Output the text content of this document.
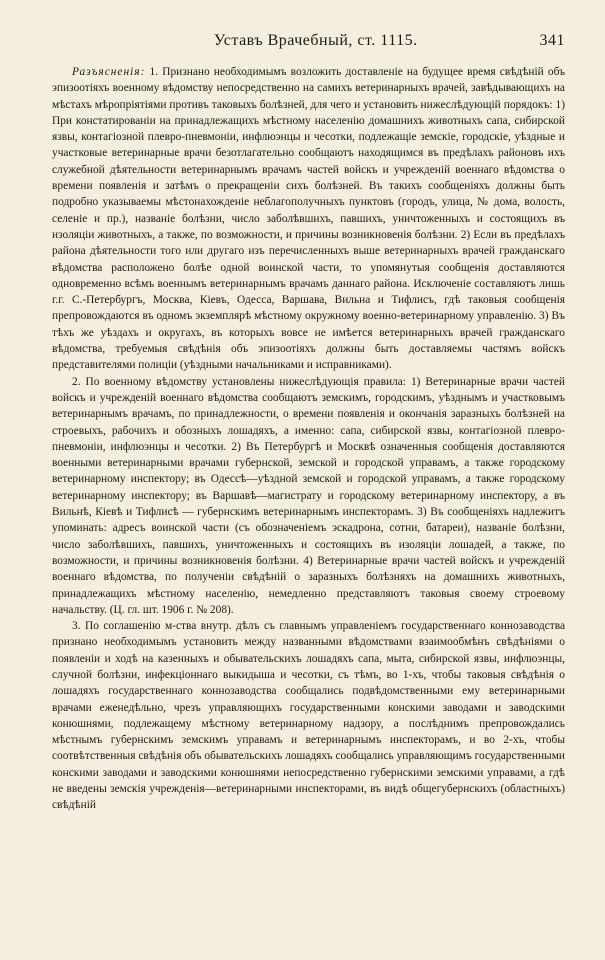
Уставъ Врачебный, ст. 1115.	341

Разъясненія: 1. Признано необходимымъ возложить доставленіе на будущее время свѣдѣній объ эпизоотіяхъ военному вѣдомству непосредственно на самихъ ветеринарныхъ врачей, завѣдывающихъ на мѣстахъ мѣропріятіями противъ таковыхъ болѣзней, для чего и установить нижеслѣдующій порядокъ: 1) При констатированіи на принадлежащихъ мѣстному населенію домашнихъ животныхъ сапа, сибирской язвы, контагіозной плевро-пневмоніи, инфлюэнцы и чесотки, подлежащіе земскіе, городскіе, уѣздные и участковые ветеринарные врачи безотлагательно сообщаютъ находящимся въ предѣлахъ районовъ ихъ служебной дѣятельности ветеринарнымъ врачамъ частей войскъ и учрежденій военнаго вѣдомства о времени появленія и затѣмъ о прекращеніи сихъ болѣзней. Въ такихъ сообщеніяхъ должны быть подробно указываемы мѣстонахожденіе неблагополучныхъ пунктовъ (городъ, улица, № дома, волость, селеніе и пр.), названіе болѣзни, число заболѣвшихъ, павшихъ, уничтоженныхъ и состоящихъ въ изоляціи животныхъ, а также, по возможности, и причины возникновенія болѣзни. 2) Если въ предѣлахъ района дѣятельности того или другаго изъ перечисленныхъ выше ветеринарныхъ врачей гражданскаго вѣдомства расположено болѣе одной воинской части, то упомянутыя сообщенія доставляются одновременно всѣмъ военнымъ ветеринарнымъ врачамъ даннаго района. Исключеніе составляютъ лишь г.г. С.-Петербургъ, Москва, Кіевъ, Одесса, Варшава, Вильна и Тифлисъ, гдѣ таковыя сообщенія препровождаются въ одномъ экземплярѣ мѣстному окружному военно-ветеринарному управленію. 3) Въ тѣхъ же уѣздахъ и округахъ, въ которыхъ вовсе не имѣется ветеринарныхъ врачей гражданскаго вѣдомства, требуемыя свѣдѣнія объ эпизоотіяхъ должны быть доставляемы частямъ войскъ представителями полиціи (уѣздными начальниками и исправниками).

2. По военному вѣдомству установлены нижеслѣдующія правила: 1) Ветеринарные врачи частей войскъ и учрежденій военнаго вѣдомства сообщаютъ земскимъ, городскимъ, уѣзднымъ и участковымъ ветеринарнымъ врачамъ, по принадлежности, о времени появленія и окончанія заразныхъ болѣзней на строевыхъ, рабочихъ и обозныхъ лошадяхъ, а именно: сапа, сибирской язвы, контагіозной плевро-пневмоніи, инфлюэнцы и чесотки. 2) Въ Петербургѣ и Москвѣ означенныя сообщенія доставляются военными ветеринарными врачами губернской, земской и городской управамъ, а также городскому ветеринарному инспектору; въ Одессѣ—уѣздной земской и городской управамъ, а также городскому ветеринарному инспектору; въ Варшавѣ—магистрату и городскому ветеринарному инспектору, а въ Вильнѣ, Кіевѣ и Тифлисѣ — губернскимъ ветеринарнымъ инспекторамъ. 3) Въ сообщеніяхъ надлежитъ упоминать: адресъ воинской части (съ обозначеніемъ эскадрона, сотни, батареи), названіе болѣзни, число заболѣвшихъ, павшихъ, уничтоженныхъ и состоящихъ въ изоляціи лошадей, а также, по возможности, и причины возникновенія болѣзни. 4) Ветеринарные врачи частей войскъ и учрежденій военнаго вѣдомства, по полученіи свѣдѣній о заразныхъ болѣзняхъ на домашнихъ животныхъ, принадлежащихъ мѣстному населенію, немедленно представляютъ таковыя своему строевому начальству. (Ц. гл. шт. 1906 г. № 208).

3. По соглашенію м-ства внутр. дѣлъ съ главнымъ управленіемъ государственнаго коннозаводства признано необходимымъ установить между названными вѣдомствами взаимообмѣнъ свѣдѣніями о появленіи и ходѣ на казенныхъ и обывательскихъ лошадяхъ сапа, мыта, сибирской язвы, инфлюэнцы, случной болѣзни, инфекціоннаго выкидыша и чесотки, съ тѣмъ, во 1-хъ, чтобы таковыя свѣдѣнія о лошадяхъ государственнаго коннозаводства сообщались подвѣдомственными ему ветеринарными врачами еженедѣльно, чрезъ управляющихъ государственными конскими заводами и заводскими конюшнями, подлежащему мѣстному ветеринарному надзору, а послѣднимъ препровождались мѣстнымъ губернскимъ земскимъ управамъ и ветеринарнымъ инспекторамъ, и во 2-хъ, чтобы соотвѣтственныя свѣдѣнія объ обывательскихъ лошадяхъ сообщались управляющимъ государственными конскими заводами и заводскими конюшнями непосредственно губернскими земскими управами, а гдѣ не введены земскія учрежденія—ветеринарными инспекторами, въ видѣ общегубернскихъ (областныхъ) свѣдѣній
